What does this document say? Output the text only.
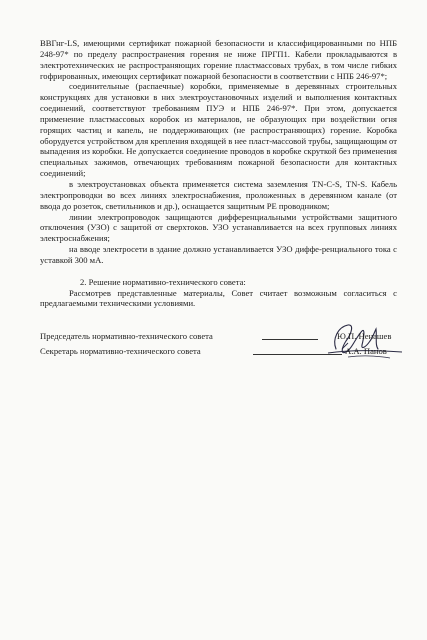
ВВГнг-LS, имеющими сертификат пожарной безопасности и классифицированными по НПБ 248-97* по пределу распространения горения не ниже ПРГП1. Кабели прокладываются в электротехнических не распространяющих горение пластмассовых трубах, в том числе гибких гофрированных, имеющих сертификат пожарной безопасности в соответствии с НПБ 246-97*;

соединительные (распаечные) коробки, применяемые в деревянных строительных конструкциях для установки в них электроустановочных изделий и выполнения контактных соединений, соответствуют требованиям ПУЭ и НПБ 246-97*. При этом, допускается применение пластмассовых коробок из материалов, не образующих при воздействии огня горящих частиц и капель, не поддерживающих (не распространяющих) горение. Коробка оборудуется устройством для крепления входящей в нее пласт-массовой трубы, защищающим от выпадения из коробки. Не допускается соединение проводов в коробке скруткой без применения специальных зажимов, отвечающих требованиям пожарной безопасности для контактных соединений;

в электроустановках объекта применяется система заземления TN-C-S, TN-S. Кабель электропроводки во всех линиях электроснабжения, проложенных в деревянном канале (от ввода до розеток, светильников и др.), оснащается защитным РЕ проводником;

линии электропроводок защищаются дифференциальными устройствами защитного отключения (УЗО) с защитой от сверхтоков. УЗО устанавливается на всех групповых линиях электроснабжения;

на вводе электросети в здание должно устанавливается УЗО диффе-ренциального тока с уставкой 300 мА.

2. Решение нормативно-технического совета:

Рассмотрев представленные материалы, Совет считает возможным согласиться с предлагаемыми техническими условиями.

Председатель нормативно-технического совета	Ю.П. Ненашев
Секретарь нормативно-технического совета	А.А. Панов
